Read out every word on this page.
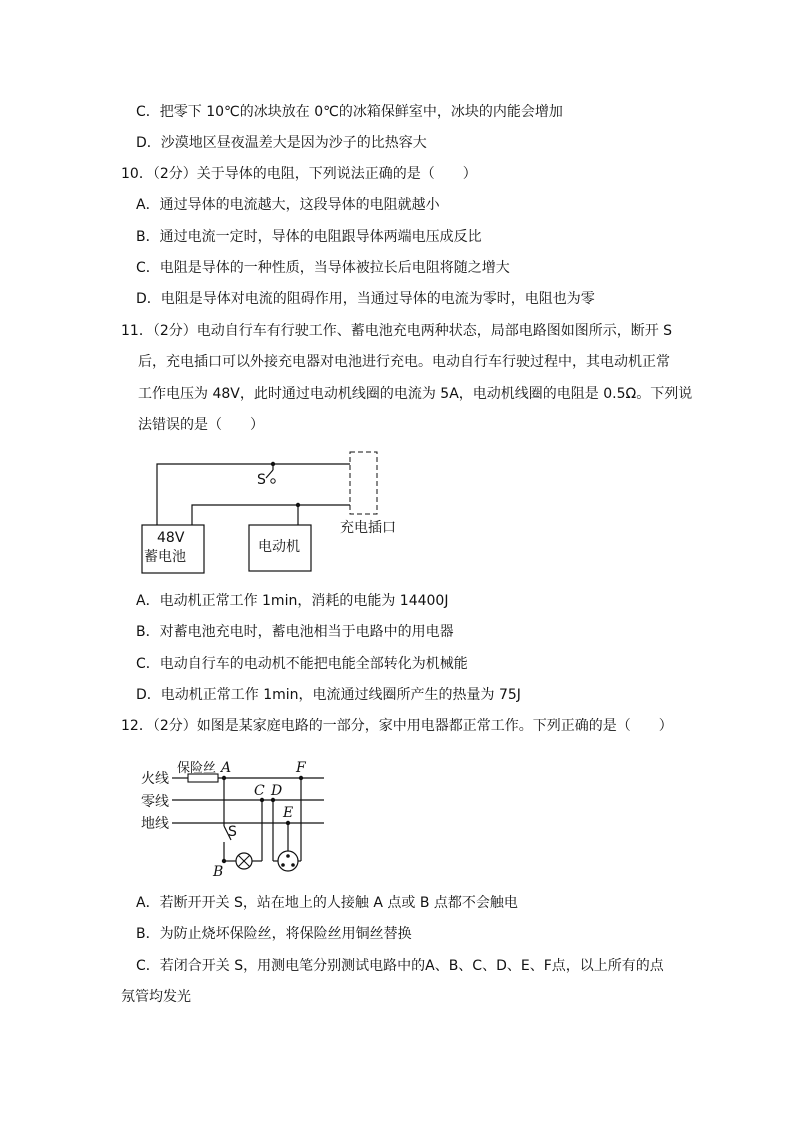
C．把零下 10℃的冰块放在 0℃的冰箱保鲜室中，冰块的内能会增加
D．沙漠地区昼夜温差大是因为沙子的比热容大
10．（2分）关于导体的电阻，下列说法正确的是（　　）
A．通过导体的电流越大，这段导体的电阻就越小
B．通过电流一定时，导体的电阻跟导体两端电压成反比
C．电阻是导体的一种性质，当导体被拉长后电阻将随之增大
D．电阻是导体对电流的阻碍作用，当通过导体的电流为零时，电阻也为零
11．（2分）电动自行车有行驶工作、蓄电池充电两种状态，局部电路图如图所示，断开 S
后，充电插口可以外接充电器对电池进行充电。电动自行车行驶过程中，其电动机正常
工作电压为 48V，此时通过电动机线圈的电流为 5A，电动机线圈的电阻是 0.5Ω。下列说
法错误的是（　　）
48V
蓄电池
电动机
S
充电插口
A．电动机正常工作 1min，消耗的电能为 14400J
B．对蓄电池充电时，蓄电池相当于电路中的用电器
C．电动自行车的电动机不能把电能全部转化为机械能
D．电动机正常工作 1min，电流通过线圈所产生的热量为 75J
12．（2分）如图是某家庭电路的一部分，家中用电器都正常工作。下列正确的是（　　）
火线
零线
地线
保险丝 A
B
C D
E
F
S
A．若断开开关 S，站在地上的人接触 A 点或 B 点都不会触电
B．为防止烧坏保险丝，将保险丝用铜丝替换
C．若闭合开关 S，用测电笔分别测试电路中的A、B、C、D、E、F点，以上所有的点
氖管均发光
